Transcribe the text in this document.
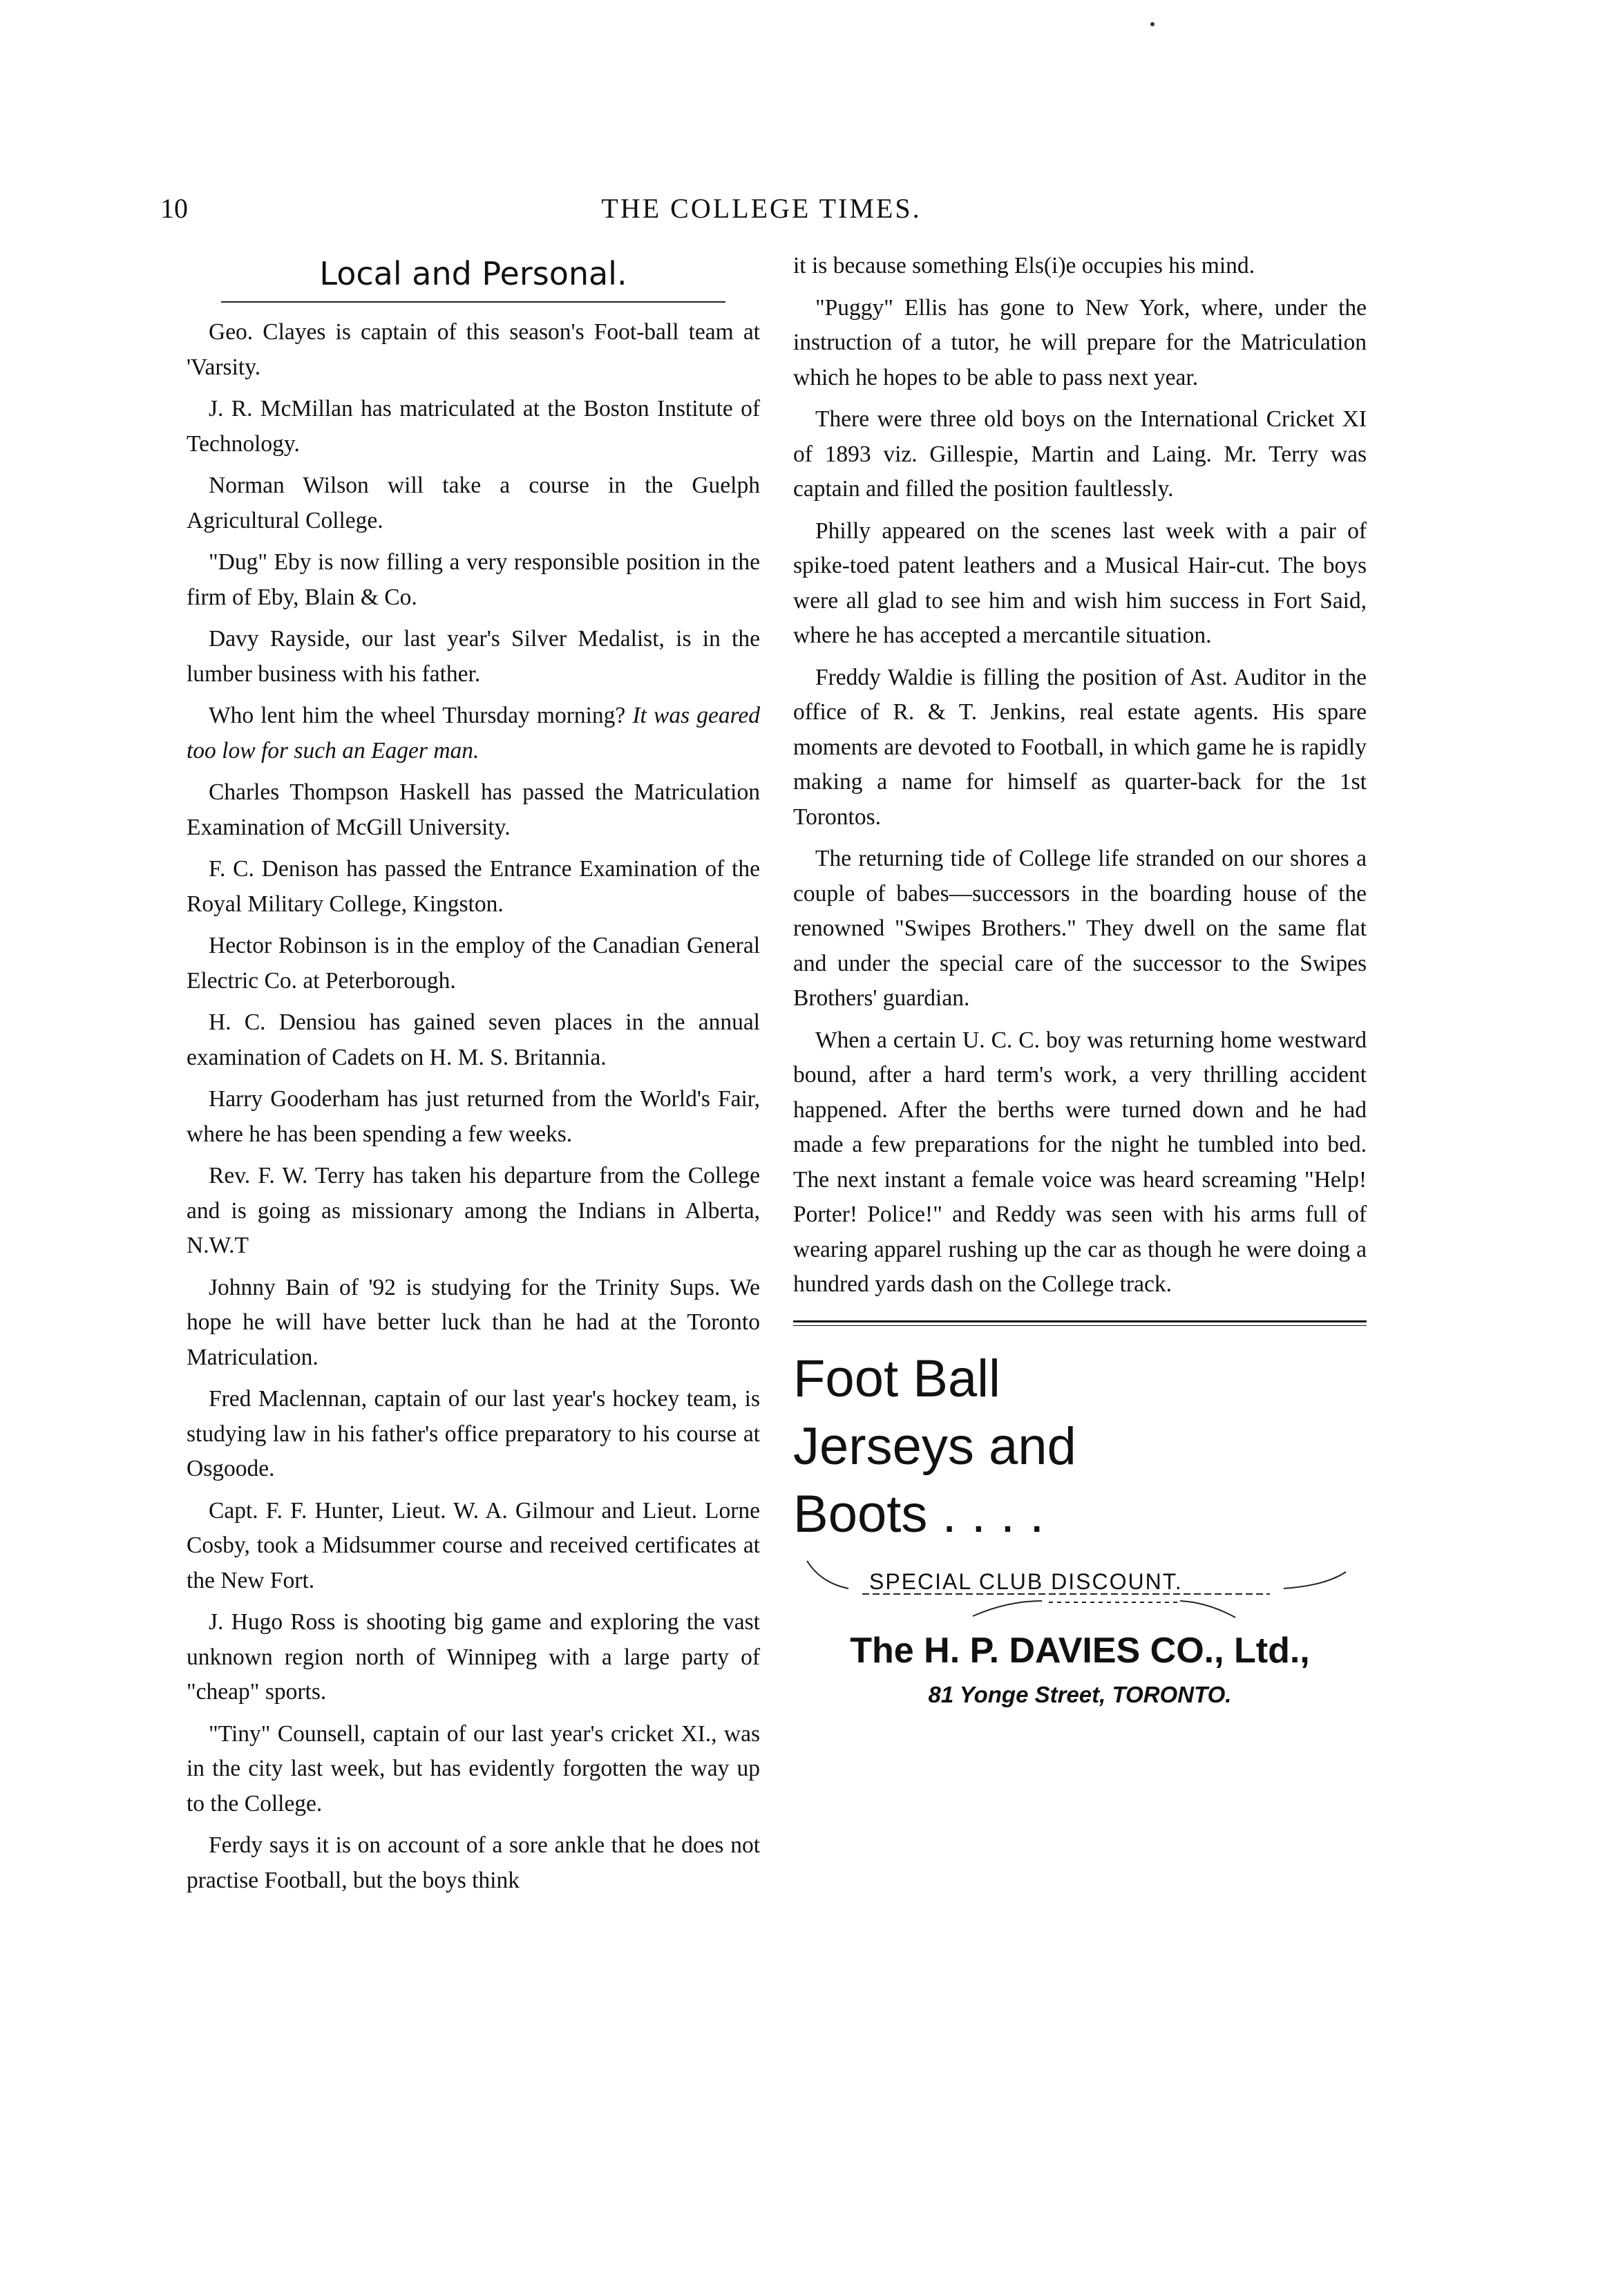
10	THE COLLEGE TIMES.
Local and Personal.

Geo. Clayes is captain of this season's Foot-ball team at 'Varsity.

J. R. McMillan has matriculated at the Boston Institute of Technology.

Norman Wilson will take a course in the Guelph Agricultural College.

"Dug" Eby is now filling a very responsible position in the firm of Eby, Blain & Co.

Davy Rayside, our last year's Silver Medalist, is in the lumber business with his father.

Who lent him the wheel Thursday morning? It was geared too low for such an Eager man.

Charles Thompson Haskell has passed the Matriculation Examination of McGill University.

F. C. Denison has passed the Entrance Examination of the Royal Military College, Kingston.

Hector Robinson is in the employ of the Canadian General Electric Co. at Peterborough.

H. C. Densiou has gained seven places in the annual examination of Cadets on H. M. S. Britannia.

Harry Gooderham has just returned from the World's Fair, where he has been spending a few weeks.

Rev. F. W. Terry has taken his departure from the College and is going as missionary among the Indians in Alberta, N.W.T

Johnny Bain of '92 is studying for the Trinity Sups. We hope he will have better luck than he had at the Toronto Matriculation.

Fred Maclennan, captain of our last year's hockey team, is studying law in his father's office preparatory to his course at Osgoode.

Capt. F. F. Hunter, Lieut. W. A. Gilmour and Lieut. Lorne Cosby, took a Midsummer course and received certificates at the New Fort.

J. Hugo Ross is shooting big game and exploring the vast unknown region north of Winnipeg with a large party of "cheap" sports.

"Tiny" Counsell, captain of our last year's cricket XI., was in the city last week, but has evidently forgotten the way up to the College.

Ferdy says it is on account of a sore ankle that he does not practise Football, but the boys think

it is because something Els(i)e occupies his mind.

"Puggy" Ellis has gone to New York, where, under the instruction of a tutor, he will prepare for the Matriculation which he hopes to be able to pass next year.

There were three old boys on the International Cricket XI of 1893 viz. Gillespie, Martin and Laing. Mr. Terry was captain and filled the position faultlessly.

Philly appeared on the scenes last week with a pair of spike-toed patent leathers and a Musical Hair-cut. The boys were all glad to see him and wish him success in Fort Said, where he has accepted a mercantile situation.

Freddy Waldie is filling the position of Ast. Auditor in the office of R. & T. Jenkins, real estate agents. His spare moments are devoted to Football, in which game he is rapidly making a name for himself as quarter-back for the 1st Torontos.

The returning tide of College life stranded on our shores a couple of babes—successors in the boarding house of the renowned "Swipes Brothers." They dwell on the same flat and under the special care of the successor to the Swipes Brothers' guardian.

When a certain U. C. C. boy was returning home westward bound, after a hard term's work, a very thrilling accident happened. After the berths were turned down and he had made a few preparations for the night he tumbled into bed. The next instant a female voice was heard screaming "Help! Porter! Police!" and Reddy was seen with his arms full of wearing apparel rushing up the car as though he were doing a hundred yards dash on the College track.

Foot Ball
Jerseys and
Boots . . . .
SPECIAL CLUB DISCOUNT.
The H. P. DAVIES CO., Ltd.,
81 Yonge Street, TORONTO.
